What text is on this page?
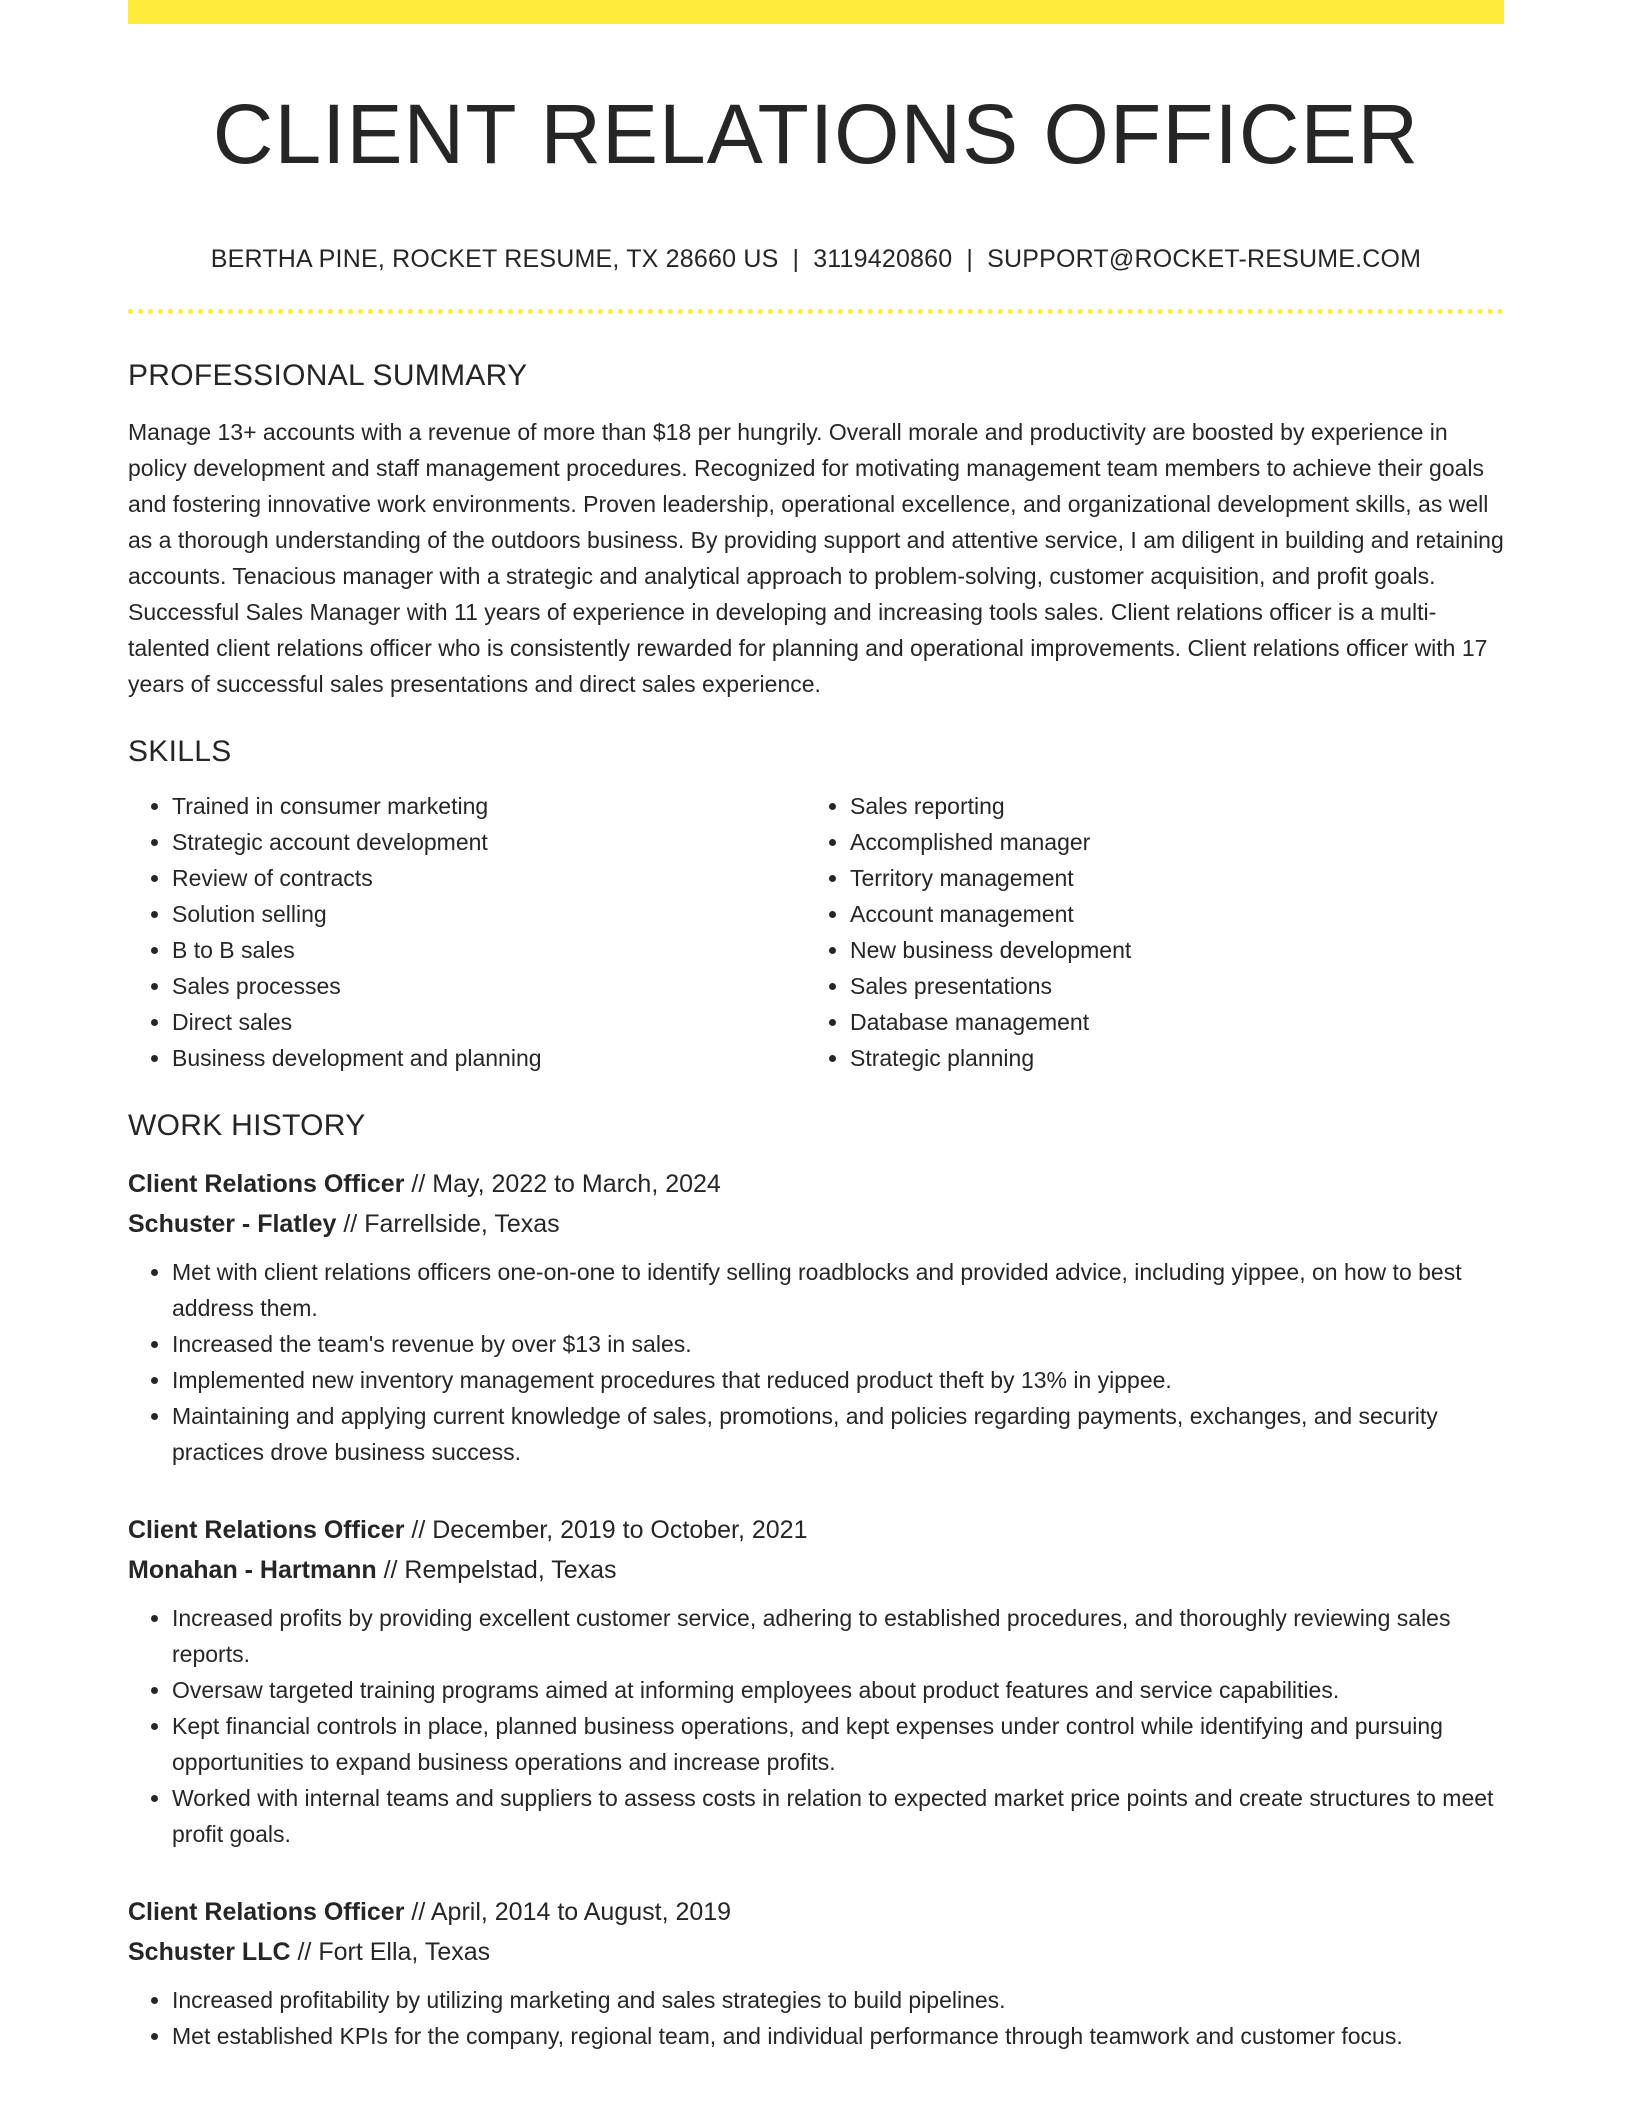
CLIENT RELATIONS OFFICER
BERTHA PINE, ROCKET RESUME, TX 28660 US | 3119420860 | SUPPORT@ROCKET-RESUME.COM
PROFESSIONAL SUMMARY
Manage 13+ accounts with a revenue of more than $18 per hungrily. Overall morale and productivity are boosted by experience in policy development and staff management procedures. Recognized for motivating management team members to achieve their goals and fostering innovative work environments. Proven leadership, operational excellence, and organizational development skills, as well as a thorough understanding of the outdoors business. By providing support and attentive service, I am diligent in building and retaining accounts. Tenacious manager with a strategic and analytical approach to problem-solving, customer acquisition, and profit goals. Successful Sales Manager with 11 years of experience in developing and increasing tools sales. Client relations officer is a multi-talented client relations officer who is consistently rewarded for planning and operational improvements. Client relations officer with 17 years of successful sales presentations and direct sales experience.
SKILLS
• Trained in consumer marketing
• Strategic account development
• Review of contracts
• Solution selling
• B to B sales
• Sales processes
• Direct sales
• Business development and planning
• Sales reporting
• Accomplished manager
• Territory management
• Account management
• New business development
• Sales presentations
• Database management
• Strategic planning
WORK HISTORY
Client Relations Officer // May, 2022 to March, 2024
Schuster - Flatley // Farrellside, Texas
• Met with client relations officers one-on-one to identify selling roadblocks and provided advice, including yippee, on how to best address them.
• Increased the team's revenue by over $13 in sales.
• Implemented new inventory management procedures that reduced product theft by 13% in yippee.
• Maintaining and applying current knowledge of sales, promotions, and policies regarding payments, exchanges, and security practices drove business success.
Client Relations Officer // December, 2019 to October, 2021
Monahan - Hartmann // Rempelstad, Texas
• Increased profits by providing excellent customer service, adhering to established procedures, and thoroughly reviewing sales reports.
• Oversaw targeted training programs aimed at informing employees about product features and service capabilities.
• Kept financial controls in place, planned business operations, and kept expenses under control while identifying and pursuing opportunities to expand business operations and increase profits.
• Worked with internal teams and suppliers to assess costs in relation to expected market price points and create structures to meet profit goals.
Client Relations Officer // April, 2014 to August, 2019
Schuster LLC // Fort Ella, Texas
• Increased profitability by utilizing marketing and sales strategies to build pipelines.
• Met established KPIs for the company, regional team, and individual performance through teamwork and customer focus.
